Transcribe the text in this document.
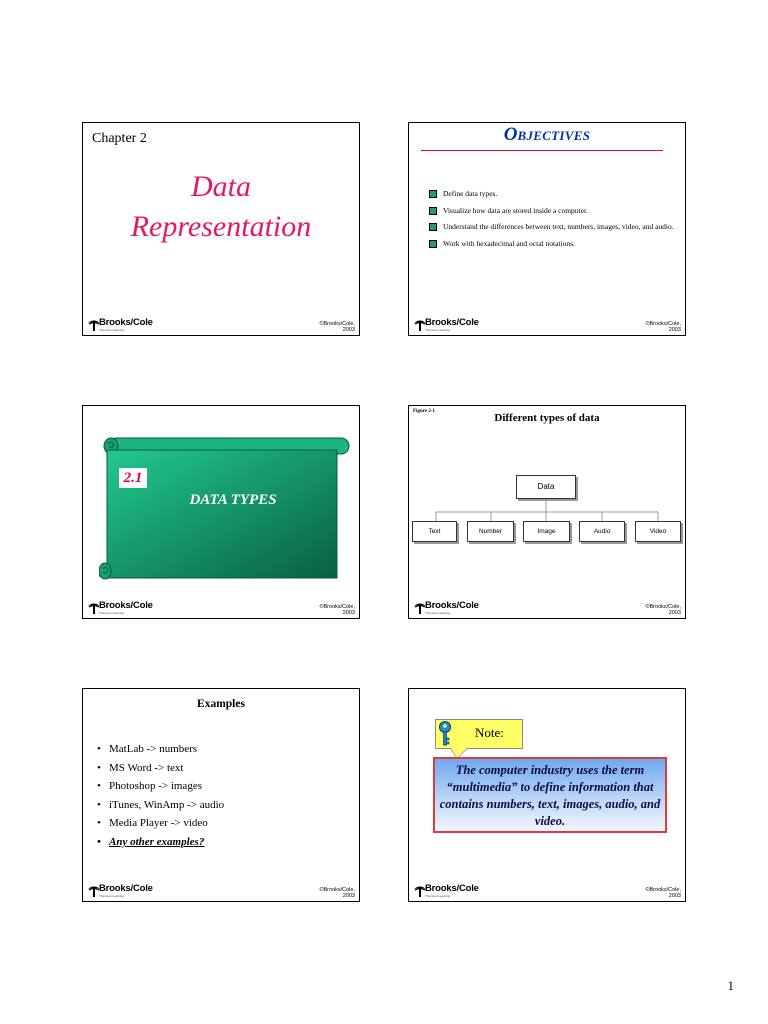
Chapter 2
Data
Representation
Brooks/Cole
Thomson Learning
©Brooks/Cole,
2003
OBJECTIVES
Define data types.
Visualize how data are stored inside a computer.
Understand the differences between text, numbers, images, video, and audio.
Work with hexadecimal and octal notations.
Brooks/Cole
Thomson Learning
©Brooks/Cole,
2003
2.1
DATA TYPES
Brooks/Cole
Thomson Learning
©Brooks/Cole,
2003
Figure 2-1
Different types of data
Data
Text	Number	Image	Audio	Video
Brooks/Cole
Thomson Learning
©Brooks/Cole,
2003
Examples
• MatLab -> numbers
• MS Word -> text
• Photoshop -> images
• iTunes, WinAmp -> audio
• Media Player -> video
• Any other examples?
Brooks/Cole
Thomson Learning
©Brooks/Cole,
2003
Note:
The computer industry uses the term “multimedia” to define information that contains numbers, text, images, audio, and video.
Brooks/Cole
Thomson Learning
©Brooks/Cole,
2003
1
